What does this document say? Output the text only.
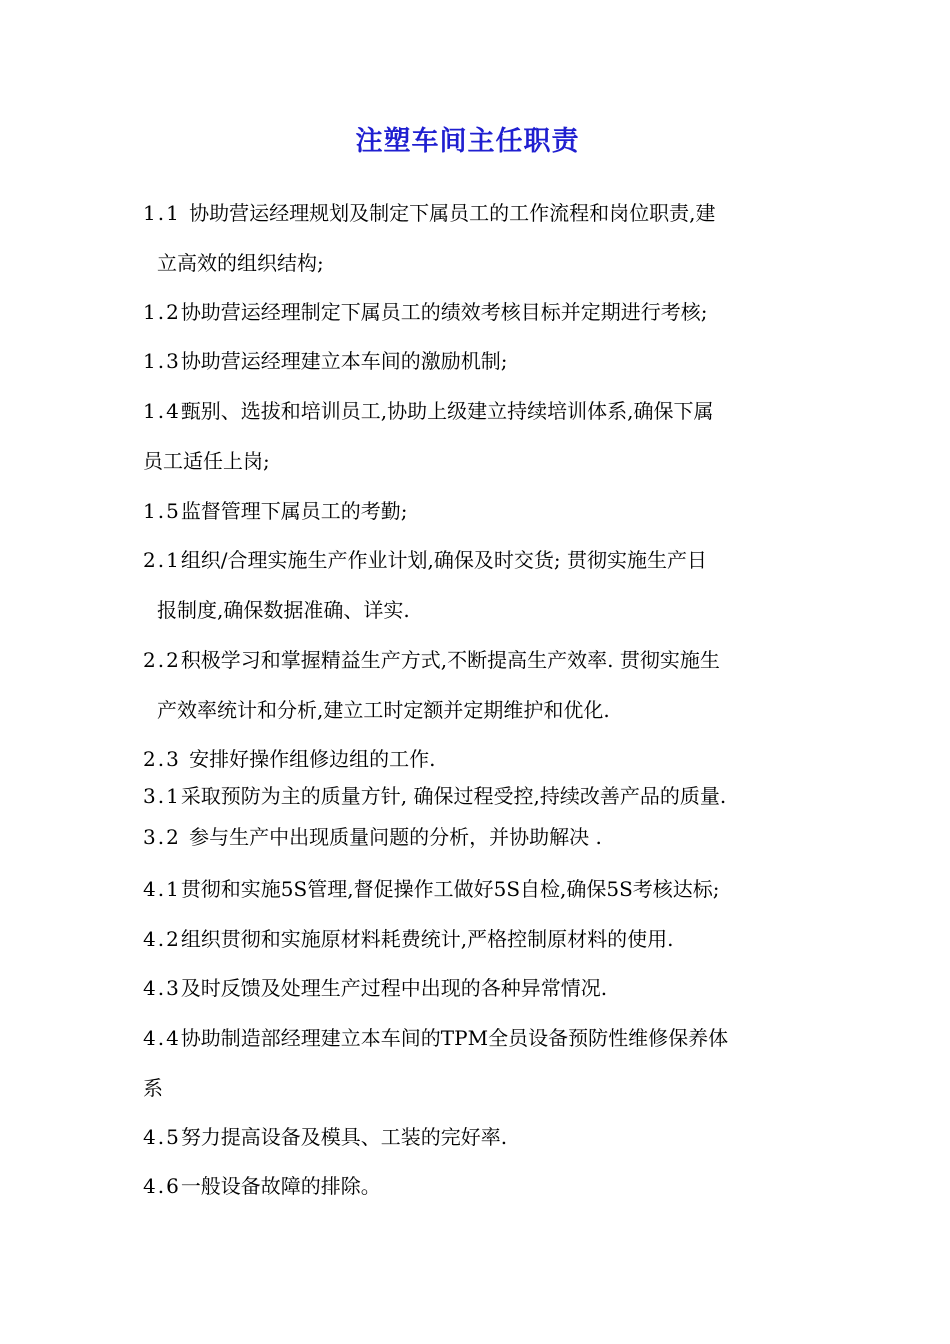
注塑车间主任职责
1.1 协助营运经理规划及制定下属员工的工作流程和岗位职责,建
立高效的组织结构;
1.2协助营运经理制定下属员工的绩效考核目标并定期进行考核;
1.3协助营运经理建立本车间的激励机制;
1.4甄别、选拔和培训员工,协助上级建立持续培训体系,确保下属
员工适任上岗;
1.5监督管理下属员工的考勤;
2.1组织/合理实施生产作业计划,确保及时交货; 贯彻实施生产日
报制度,确保数据准确、详实.
2.2积极学习和掌握精益生产方式,不断提高生产效率. 贯彻实施生
产效率统计和分析,建立工时定额并定期维护和优化.
2.3 安排好操作组修边组的工作.
3.1采取预防为主的质量方针, 确保过程受控,持续改善产品的质量.
3.2 参与生产中出现质量问题的分析，并协助解决 .
4.1贯彻和实施5S管理,督促操作工做好5S自检,确保5S考核达标;
4.2组织贯彻和实施原材料耗费统计,严格控制原材料的使用.
4.3及时反馈及处理生产过程中出现的各种异常情况.
4.4协助制造部经理建立本车间的TPM全员设备预防性维修保养体
系
4.5努力提高设备及模具、工装的完好率.
4.6一般设备故障的排除。
